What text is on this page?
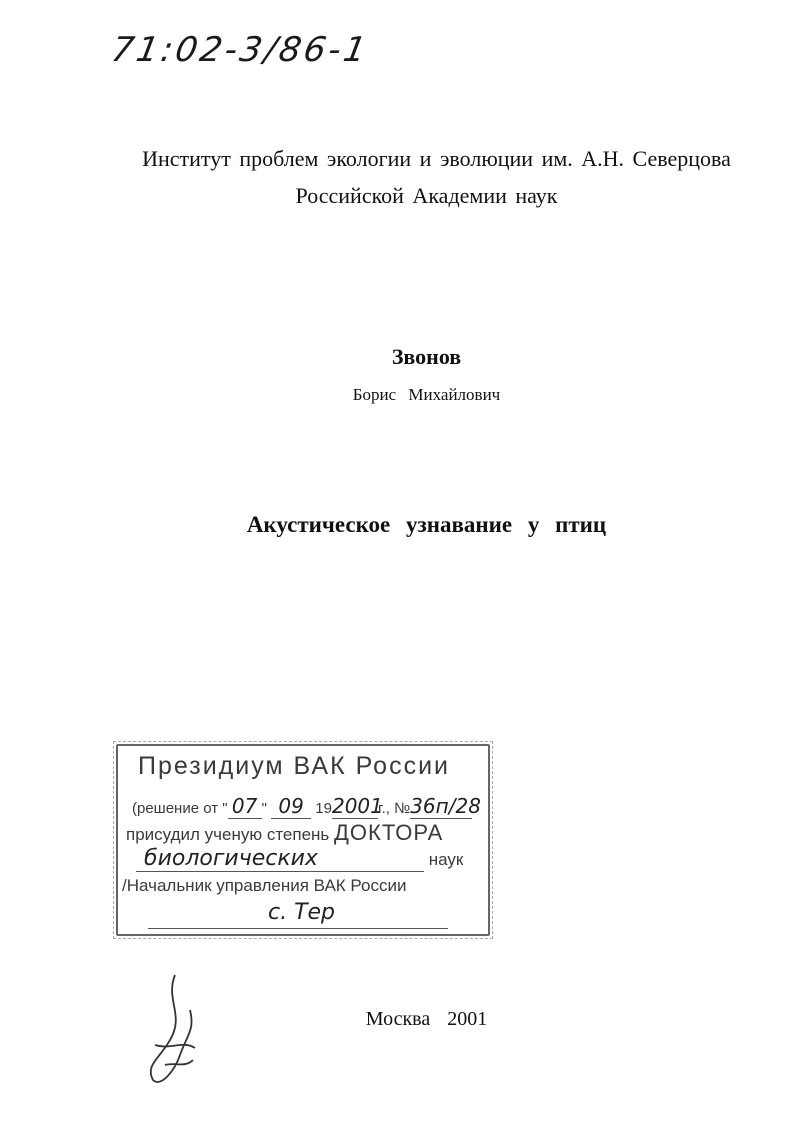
71:02-3/86-1
Институт проблем экологии и эволюции им. А.Н. Северцова
Российской Академии наук
Звонов
Борис Михайлович
Акустическое узнавание у птиц
Президиум ВАК России
(решение от " 07 " 09 192001г., №36п/28
присудил ученую степень ДОКТОРА
биологических	наук
/Начальник управления ВАК России
с. Тер
Москва 2001
